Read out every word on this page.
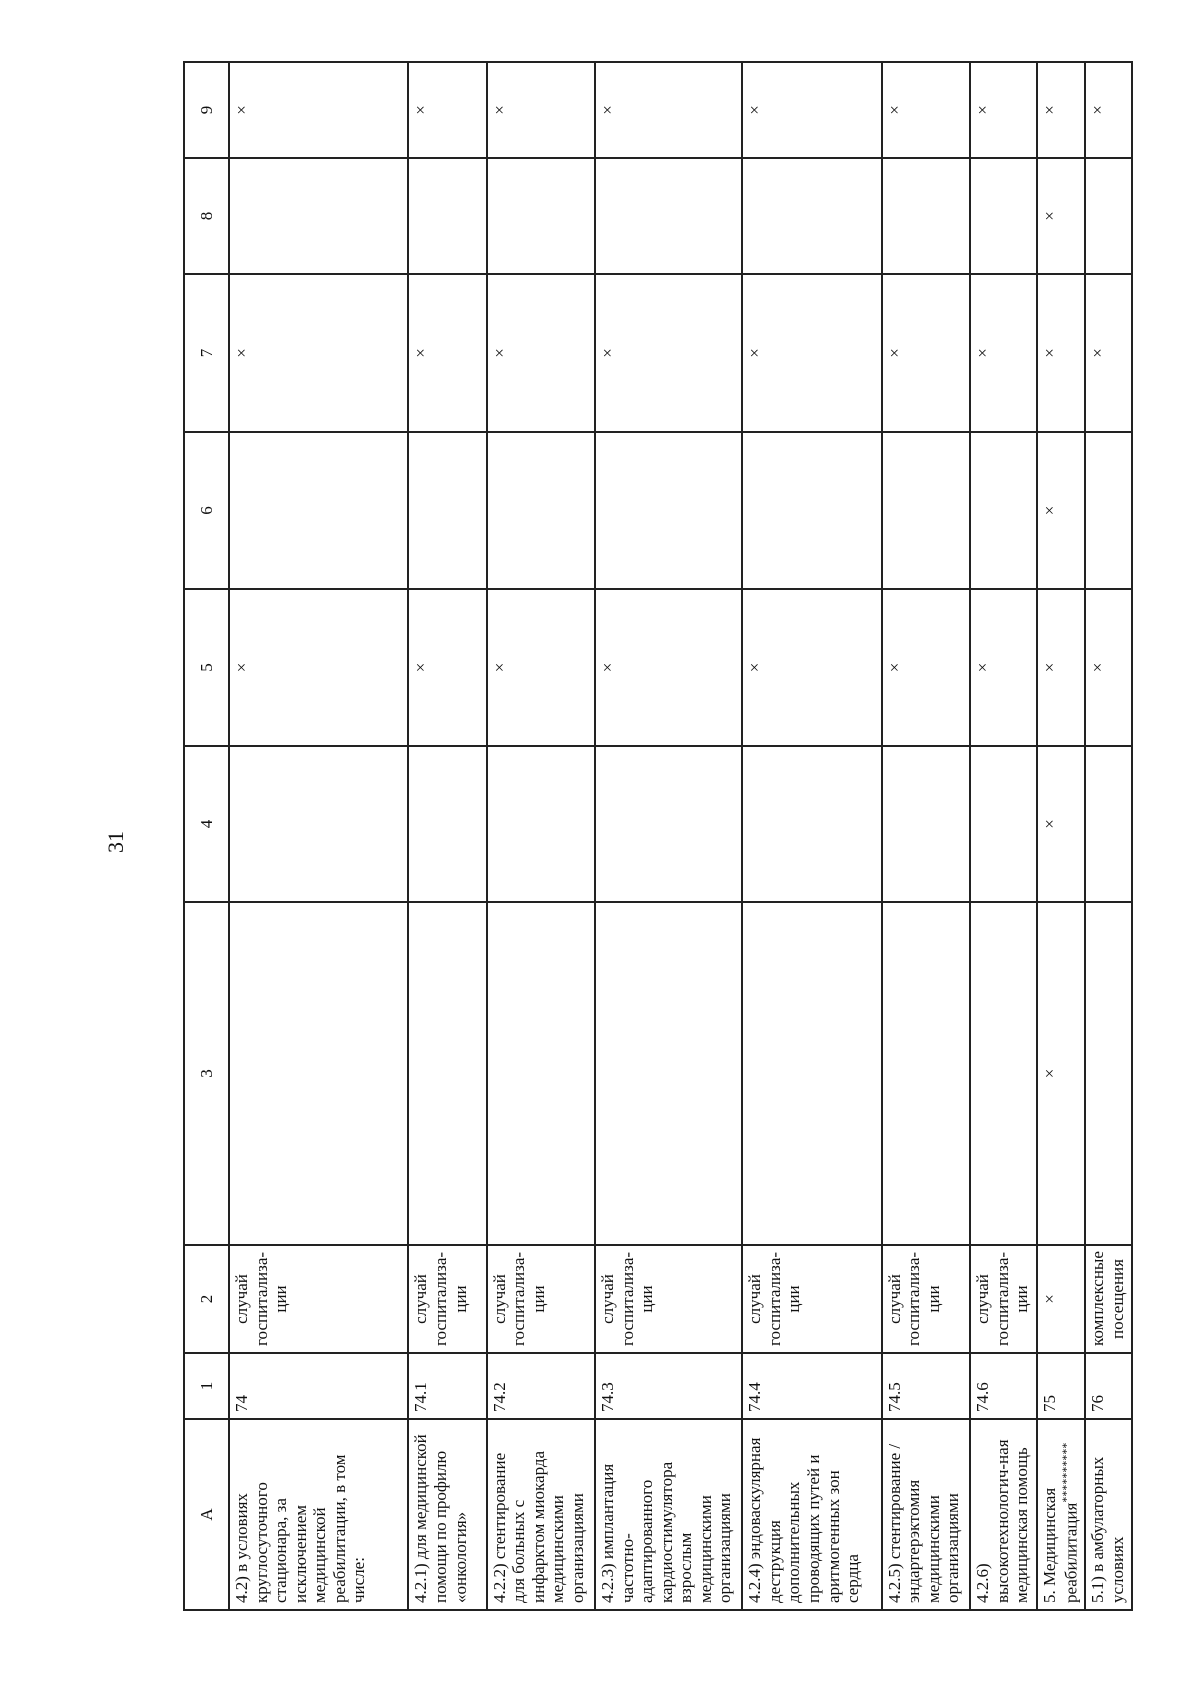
31
А	1	2	3	4	5	6	7	8	9
4.2) в условиях круглосуточного стационара, за исключением медицинской реабилитации, в том числе:	74	случай госпитализа-ции			×		×		×
4.2.1) для медицинской помощи по профилю «онкология»	74.1	случай госпитализа-ции			×		×		×
4.2.2) стентирование для больных с инфарктом миокарда медицинскими организациями	74.2	случай госпитализа-ции			×		×		×
4.2.3) имплантация частотно-адаптированного кардиостимулятора взрослым медицинскими организациями	74.3	случай госпитализа-ции			×		×		×
4.2.4) эндоваскулярная деструкция дополнительных проводящих путей и аритмогенных зон сердца	74.4	случай госпитализа-ции			×		×		×
4.2.5) стентирование / эндартерэктомия медицинскими организациями	74.5	случай госпитализа-ции			×		×		×
4.2.6) высокотехнологич-ная медицинская помощь	74.6	случай госпитализа-ции			×		×		×
5. Медицинская реабилитация**********	75	×	×	×	×	×	×	×	×
5.1) в амбулаторных условиях	76	комплексные посещения			×		×		×
